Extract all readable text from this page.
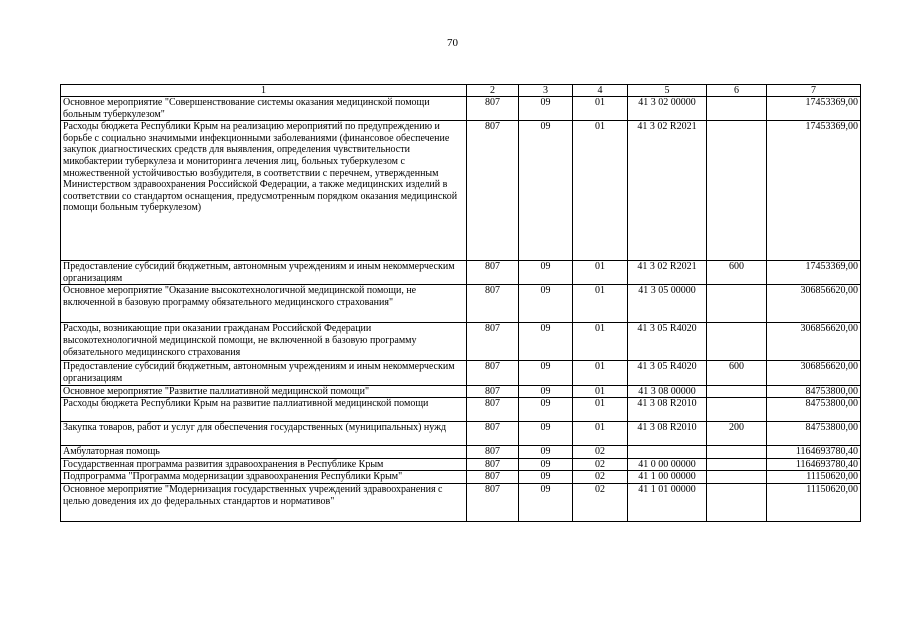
70
1	2	3	4	5	6	7
Основное мероприятие "Совершенствование системы оказания медицинской помощи больным туберкулезом"	807	09	01	41 3 02 00000		17453369,00
Расходы бюджета Республики Крым на реализацию мероприятий по предупреждению и борьбе с социально значимыми инфекционными заболеваниями (финансовое обеспечение закупок диагностических средств для выявления, определения чувствительности микобактерии туберкулеза и мониторинга лечения лиц, больных туберкулезом с множественной устойчивостью возбудителя, в соответствии с перечнем, утвержденным Министерством здравоохранения Российской Федерации, а также медицинских изделий в соответствии со стандартом оснащения, предусмотренным порядком оказания медицинской помощи больным туберкулезом)	807	09	01	41 3 02 R2021		17453369,00
Предоставление субсидий бюджетным, автономным учреждениям и иным некоммерческим организациям	807	09	01	41 3 02 R2021	600	17453369,00
Основное мероприятие "Оказание высокотехнологичной медицинской помощи, не включенной в базовую программу обязательного медицинского страхования"	807	09	01	41 3 05 00000		306856620,00
Расходы, возникающие при оказании гражданам Российской Федерации высокотехнологичной медицинской помощи, не включенной в базовую программу обязательного медицинского страхования	807	09	01	41 3 05 R4020		306856620,00
Предоставление субсидий бюджетным, автономным учреждениям и иным некоммерческим организациям	807	09	01	41 3 05 R4020	600	306856620,00
Основное мероприятие "Развитие паллиативной медицинской помощи"	807	09	01	41 3 08 00000		84753800,00
Расходы бюджета Республики Крым на развитие паллиативной медицинской помощи	807	09	01	41 3 08 R2010		84753800,00
Закупка товаров, работ и услуг для обеспечения государственных (муниципальных) нужд	807	09	01	41 3 08 R2010	200	84753800,00
Амбулаторная помощь	807	09	02			1164693780,40
Государственная программа развития здравоохранения в Республике Крым	807	09	02	41 0 00 00000		1164693780,40
Подпрограмма "Программа модернизации здравоохранения Республики Крым"	807	09	02	41 1 00 00000		11150620,00
Основное мероприятие "Модернизация государственных учреждений здравоохранения с целью доведения их до федеральных стандартов и нормативов"	807	09	02	41 1 01 00000		11150620,00
